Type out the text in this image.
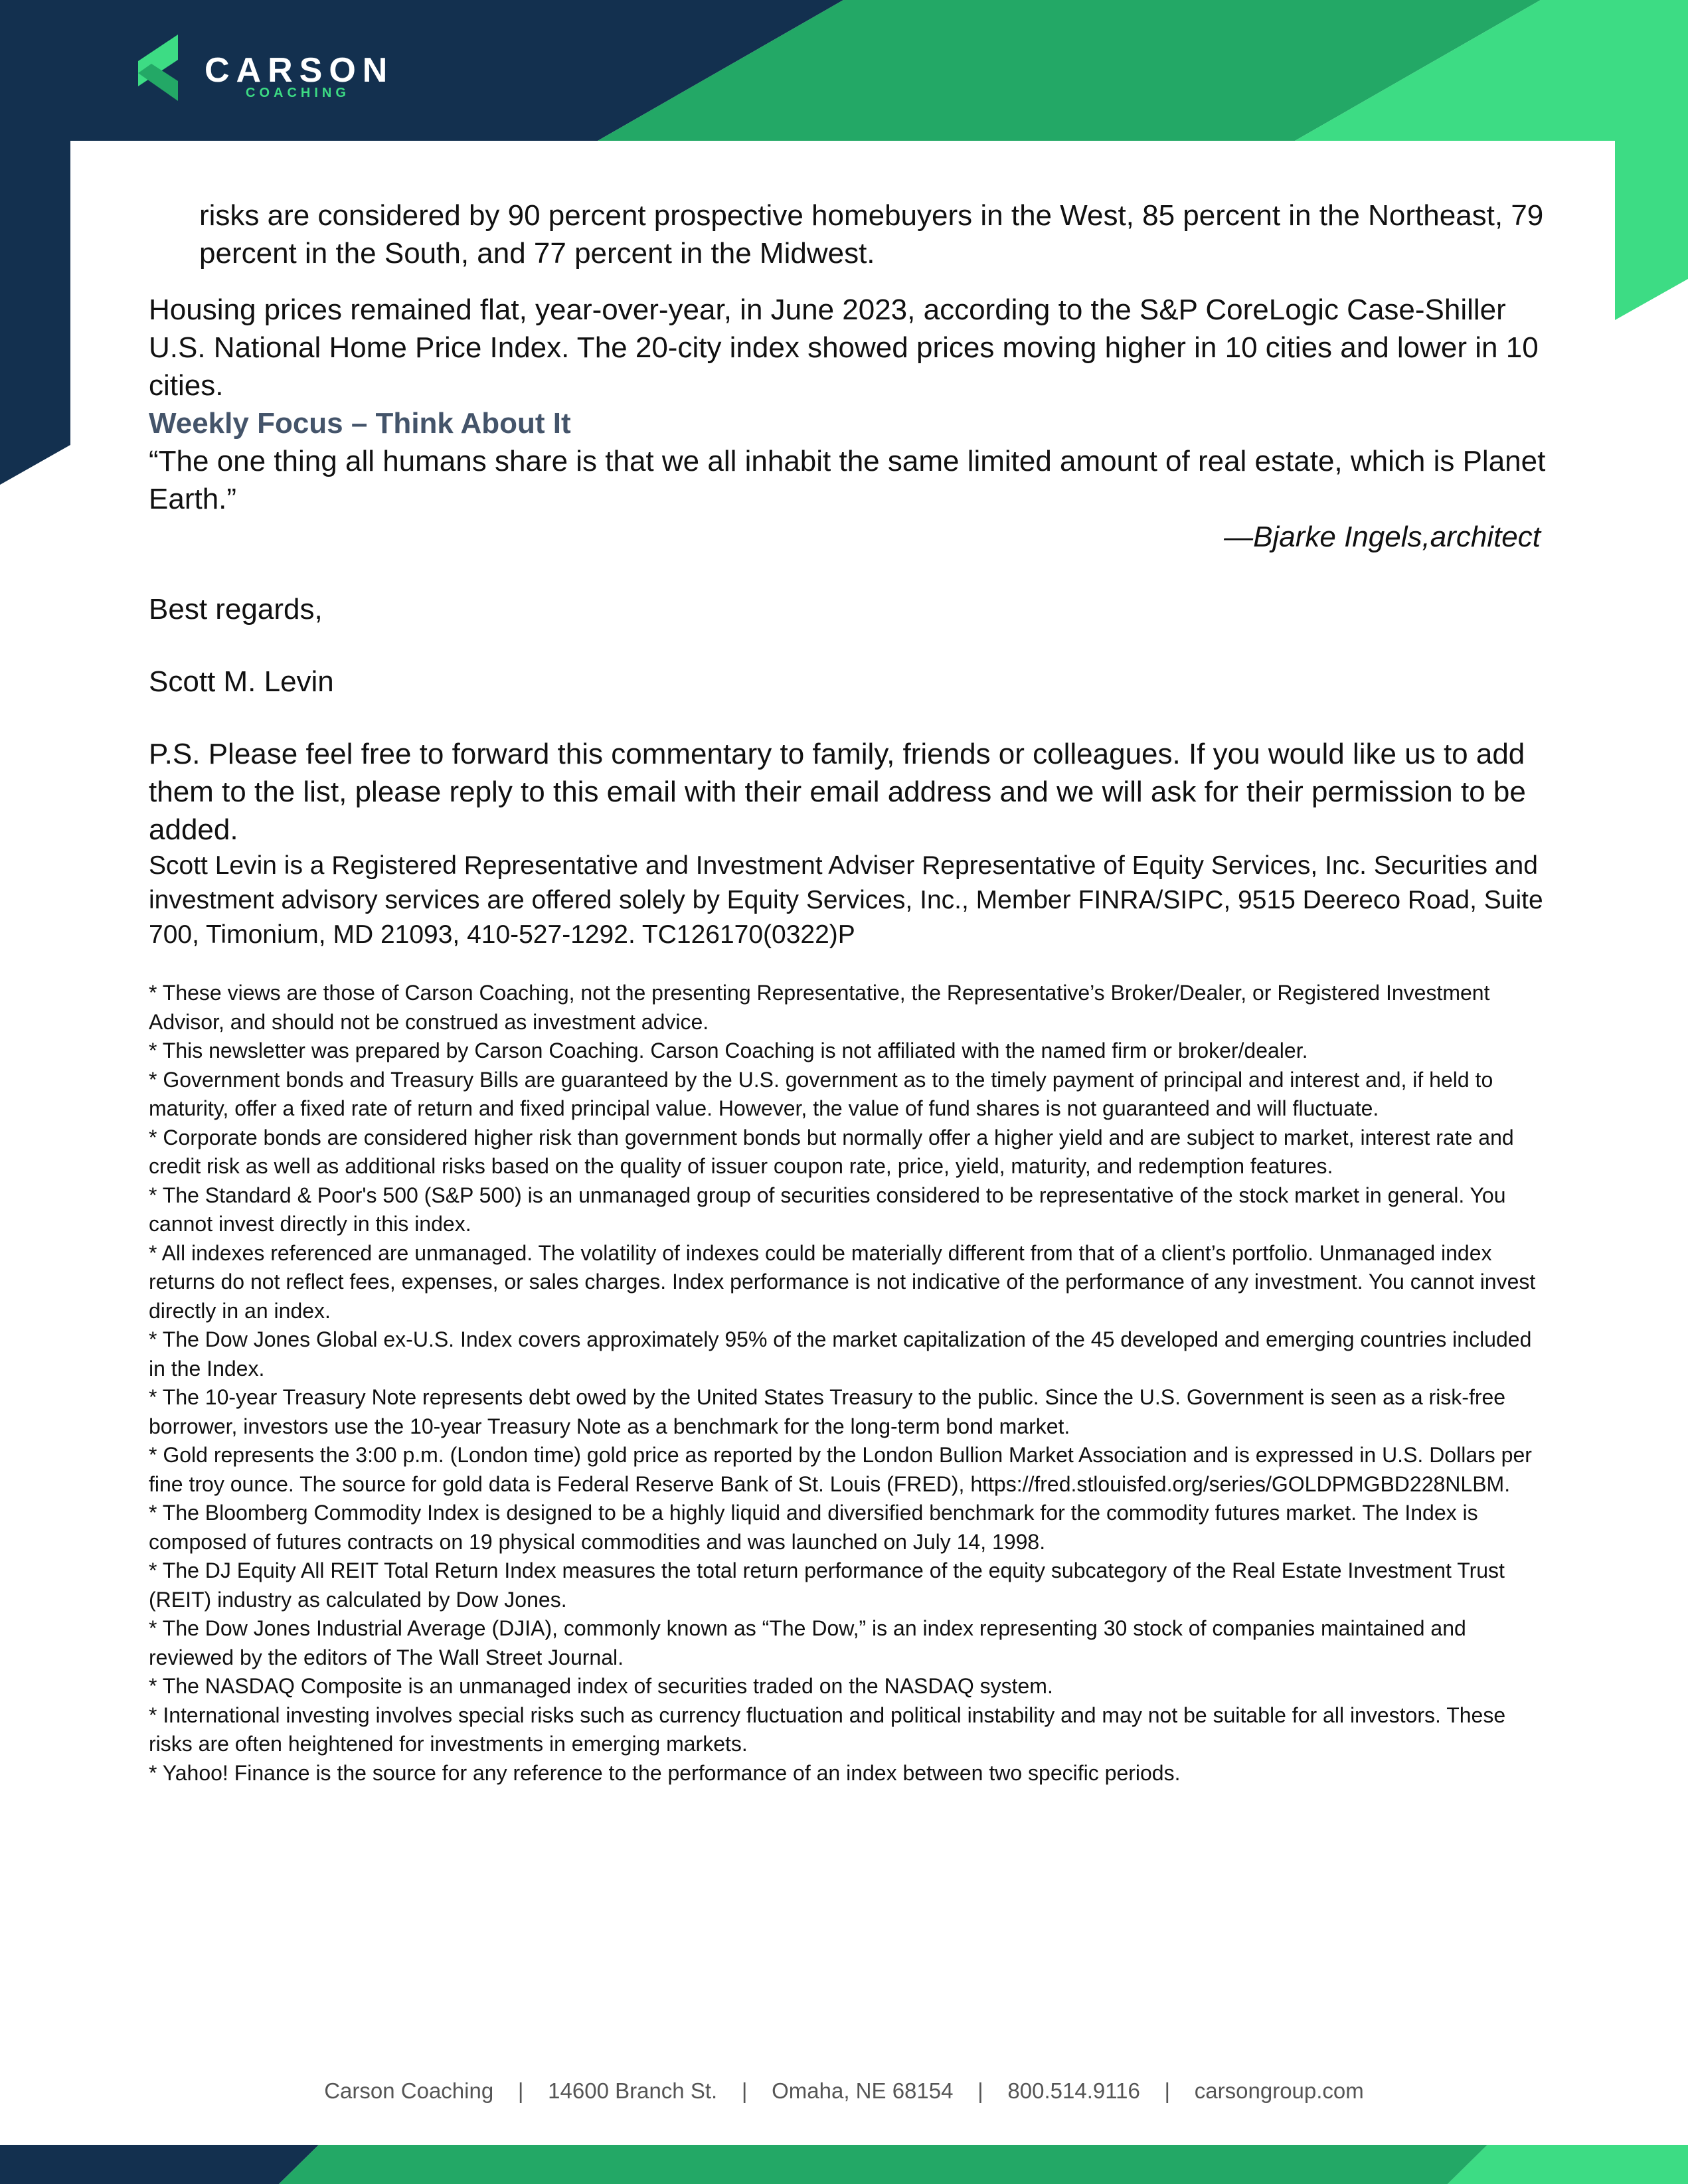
CARSON
COACHING

risks are considered by 90 percent prospective homebuyers in the West, 85 percent in the Northeast, 79 percent in the South, and 77 percent in the Midwest.

Housing prices remained flat, year-over-year, in June 2023, according to the S&P CoreLogic Case-Shiller U.S. National Home Price Index. The 20-city index showed prices moving higher in 10 cities and lower in 10 cities.

Weekly Focus – Think About It

“The one thing all humans share is that we all inhabit the same limited amount of real estate, which is Planet Earth.”

—Bjarke Ingels,architect

Best regards,

Scott M. Levin

P.S. Please feel free to forward this commentary to family, friends or colleagues. If you would like us to add them to the list, please reply to this email with their email address and we will ask for their permission to be added.

Scott Levin is a Registered Representative and Investment Adviser Representative of Equity Services, Inc. Securities and investment advisory services are offered solely by Equity Services, Inc., Member FINRA/SIPC, 9515 Deereco Road, Suite 700, Timonium, MD 21093, 410-527-1292. TC126170(0322)P

* These views are those of Carson Coaching, not the presenting Representative, the Representative’s Broker/Dealer, or Registered Investment Advisor, and should not be construed as investment advice.

* This newsletter was prepared by Carson Coaching. Carson Coaching is not affiliated with the named firm or broker/dealer.

* Government bonds and Treasury Bills are guaranteed by the U.S. government as to the timely payment of principal and interest and, if held to maturity, offer a fixed rate of return and fixed principal value. However, the value of fund shares is not guaranteed and will fluctuate.

* Corporate bonds are considered higher risk than government bonds but normally offer a higher yield and are subject to market, interest rate and credit risk as well as additional risks based on the quality of issuer coupon rate, price, yield, maturity, and redemption features.

* The Standard & Poor's 500 (S&P 500) is an unmanaged group of securities considered to be representative of the stock market in general. You cannot invest directly in this index.

* All indexes referenced are unmanaged. The volatility of indexes could be materially different from that of a client’s portfolio. Unmanaged index returns do not reflect fees, expenses, or sales charges. Index performance is not indicative of the performance of any investment. You cannot invest directly in an index.

* The Dow Jones Global ex-U.S. Index covers approximately 95% of the market capitalization of the 45 developed and emerging countries included in the Index.

* The 10-year Treasury Note represents debt owed by the United States Treasury to the public. Since the U.S. Government is seen as a risk-free borrower, investors use the 10-year Treasury Note as a benchmark for the long-term bond market.

* Gold represents the 3:00 p.m. (London time) gold price as reported by the London Bullion Market Association and is expressed in U.S. Dollars per fine troy ounce. The source for gold data is Federal Reserve Bank of St. Louis (FRED), https://fred.stlouisfed.org/series/GOLDPMGBD228NLBM.

* The Bloomberg Commodity Index is designed to be a highly liquid and diversified benchmark for the commodity futures market. The Index is composed of futures contracts on 19 physical commodities and was launched on July 14, 1998.

* The DJ Equity All REIT Total Return Index measures the total return performance of the equity subcategory of the Real Estate Investment Trust (REIT) industry as calculated by Dow Jones.

* The Dow Jones Industrial Average (DJIA), commonly known as “The Dow,” is an index representing 30 stock of companies maintained and reviewed by the editors of The Wall Street Journal.

* The NASDAQ Composite is an unmanaged index of securities traded on the NASDAQ system.

* International investing involves special risks such as currency fluctuation and political instability and may not be suitable for all investors. These risks are often heightened for investments in emerging markets.

* Yahoo! Finance is the source for any reference to the performance of an index between two specific periods.

Carson Coaching | 14600 Branch St. | Omaha, NE 68154 | 800.514.9116 | carsongroup.com
